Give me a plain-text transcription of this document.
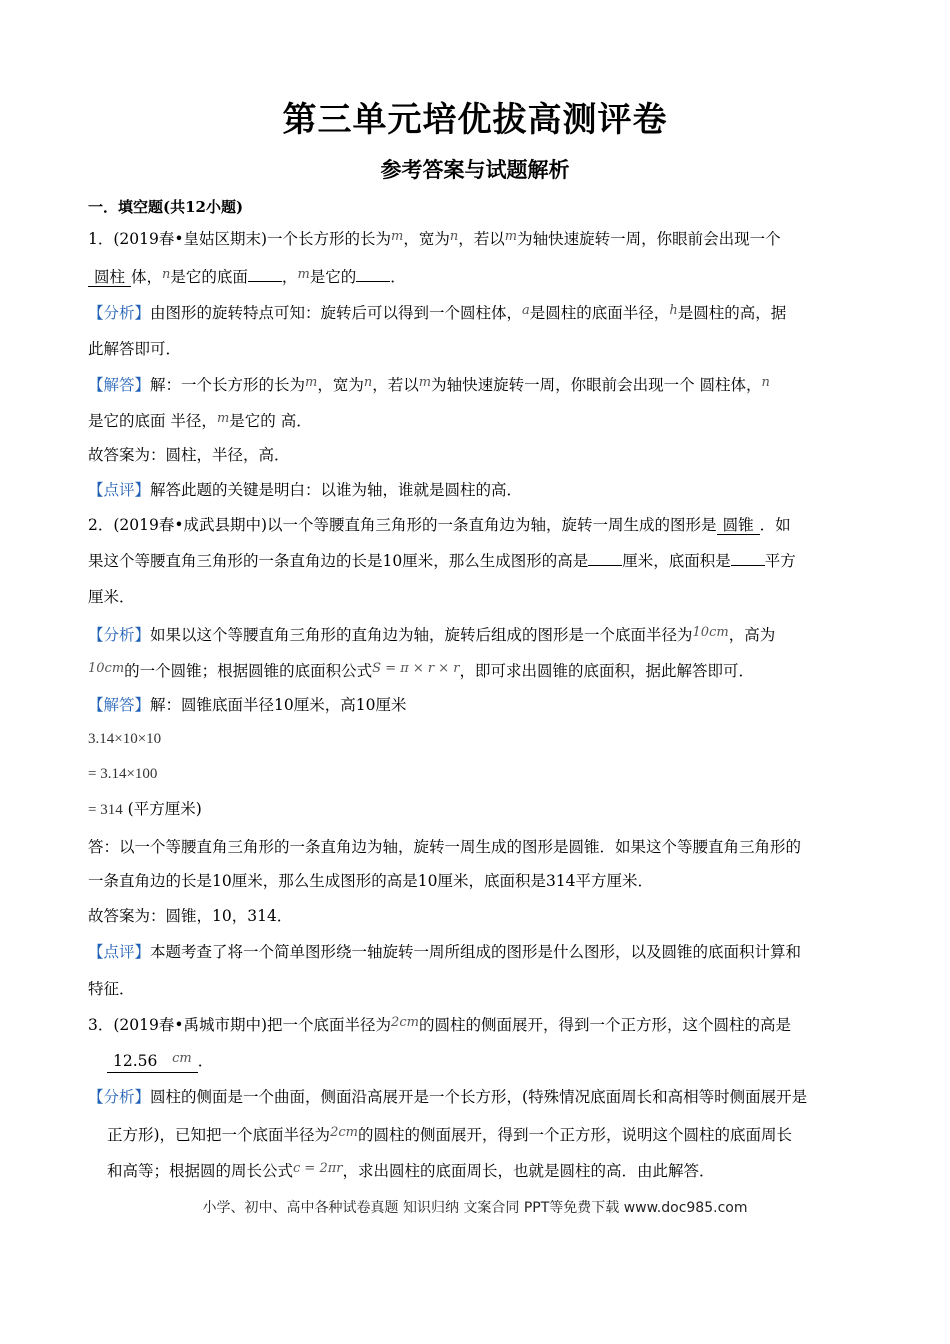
第三单元培优拔高测评卷
参考答案与试题解析
一．填空题(共12小题)
1．(2019春•皇姑区期末)一个长方形的长为$^m$，宽为$^n$，若以$^m$为轴快速旋转一周，你眼前会出现一个
圆柱 体，$^n$是它的底面 ，$^m$是它的 ．
【分析】由图形的旋转特点可知：旋转后可以得到一个圆柱体，$^a$是圆柱的底面半径，$^h$是圆柱的高，据
此解答即可．
【解答】解：一个长方形的长为$^m$，宽为$^n$，若以$^m$为轴快速旋转一周，你眼前会出现一个 圆柱体，$^n$
是它的底面 半径，$^m$是它的 高．
故答案为：圆柱，半径，高．
【点评】解答此题的关键是明白：以谁为轴，谁就是圆柱的高．
2．(2019春•成武县期中)以一个等腰直角三角形的一条直角边为轴，旋转一周生成的图形是 圆锥 ．如
果这个等腰直角三角形的一条直角边的长是10厘米，那么生成图形的高是 厘米，底面积是 平方
厘米．
【分析】如果以这个等腰直角三角形的直角边为轴，旋转后组成的图形是一个底面半径为$^{10cm}$，高为
$^{10cm}$的一个圆锥；根据圆锥的底面积公式$^{S = \pi \times r \times r}$，即可求出圆锥的底面积，据此解答即可．
【解答】解：圆锥底面半径10厘米，高10厘米
3.14×10×10
= 3.14×100
= 314 (平方厘米)
答：以一个等腰直角三角形的一条直角边为轴，旋转一周生成的图形是圆锥．如果这个等腰直角三角形的
一条直角边的长是10厘米，那么生成图形的高是10厘米，底面积是314平方厘米．
故答案为：圆锥，10，314．
【点评】本题考查了将一个简单图形绕一轴旋转一周所组成的图形是什么图形，以及圆锥的底面积计算和
特征．
3．(2019春•禹城市期中)把一个底面半径为$^{2cm}$的圆柱的侧面展开，得到一个正方形，这个圆柱的高是
12.56 $^{cm}$ ．
【分析】圆柱的侧面是一个曲面，侧面沿高展开是一个长方形，(特殊情况底面周长和高相等时侧面展开是
正方形)，已知把一个底面半径为$^{2cm}$的圆柱的侧面展开，得到一个正方形，说明这个圆柱的底面周长
和高等；根据圆的周长公式$^{c = 2\pi r}$，求出圆柱的底面周长，也就是圆柱的高．由此解答．
小学、初中、高中各种试卷真题 知识归纳 文案合同 PPT等免费下载 www.doc985.com
